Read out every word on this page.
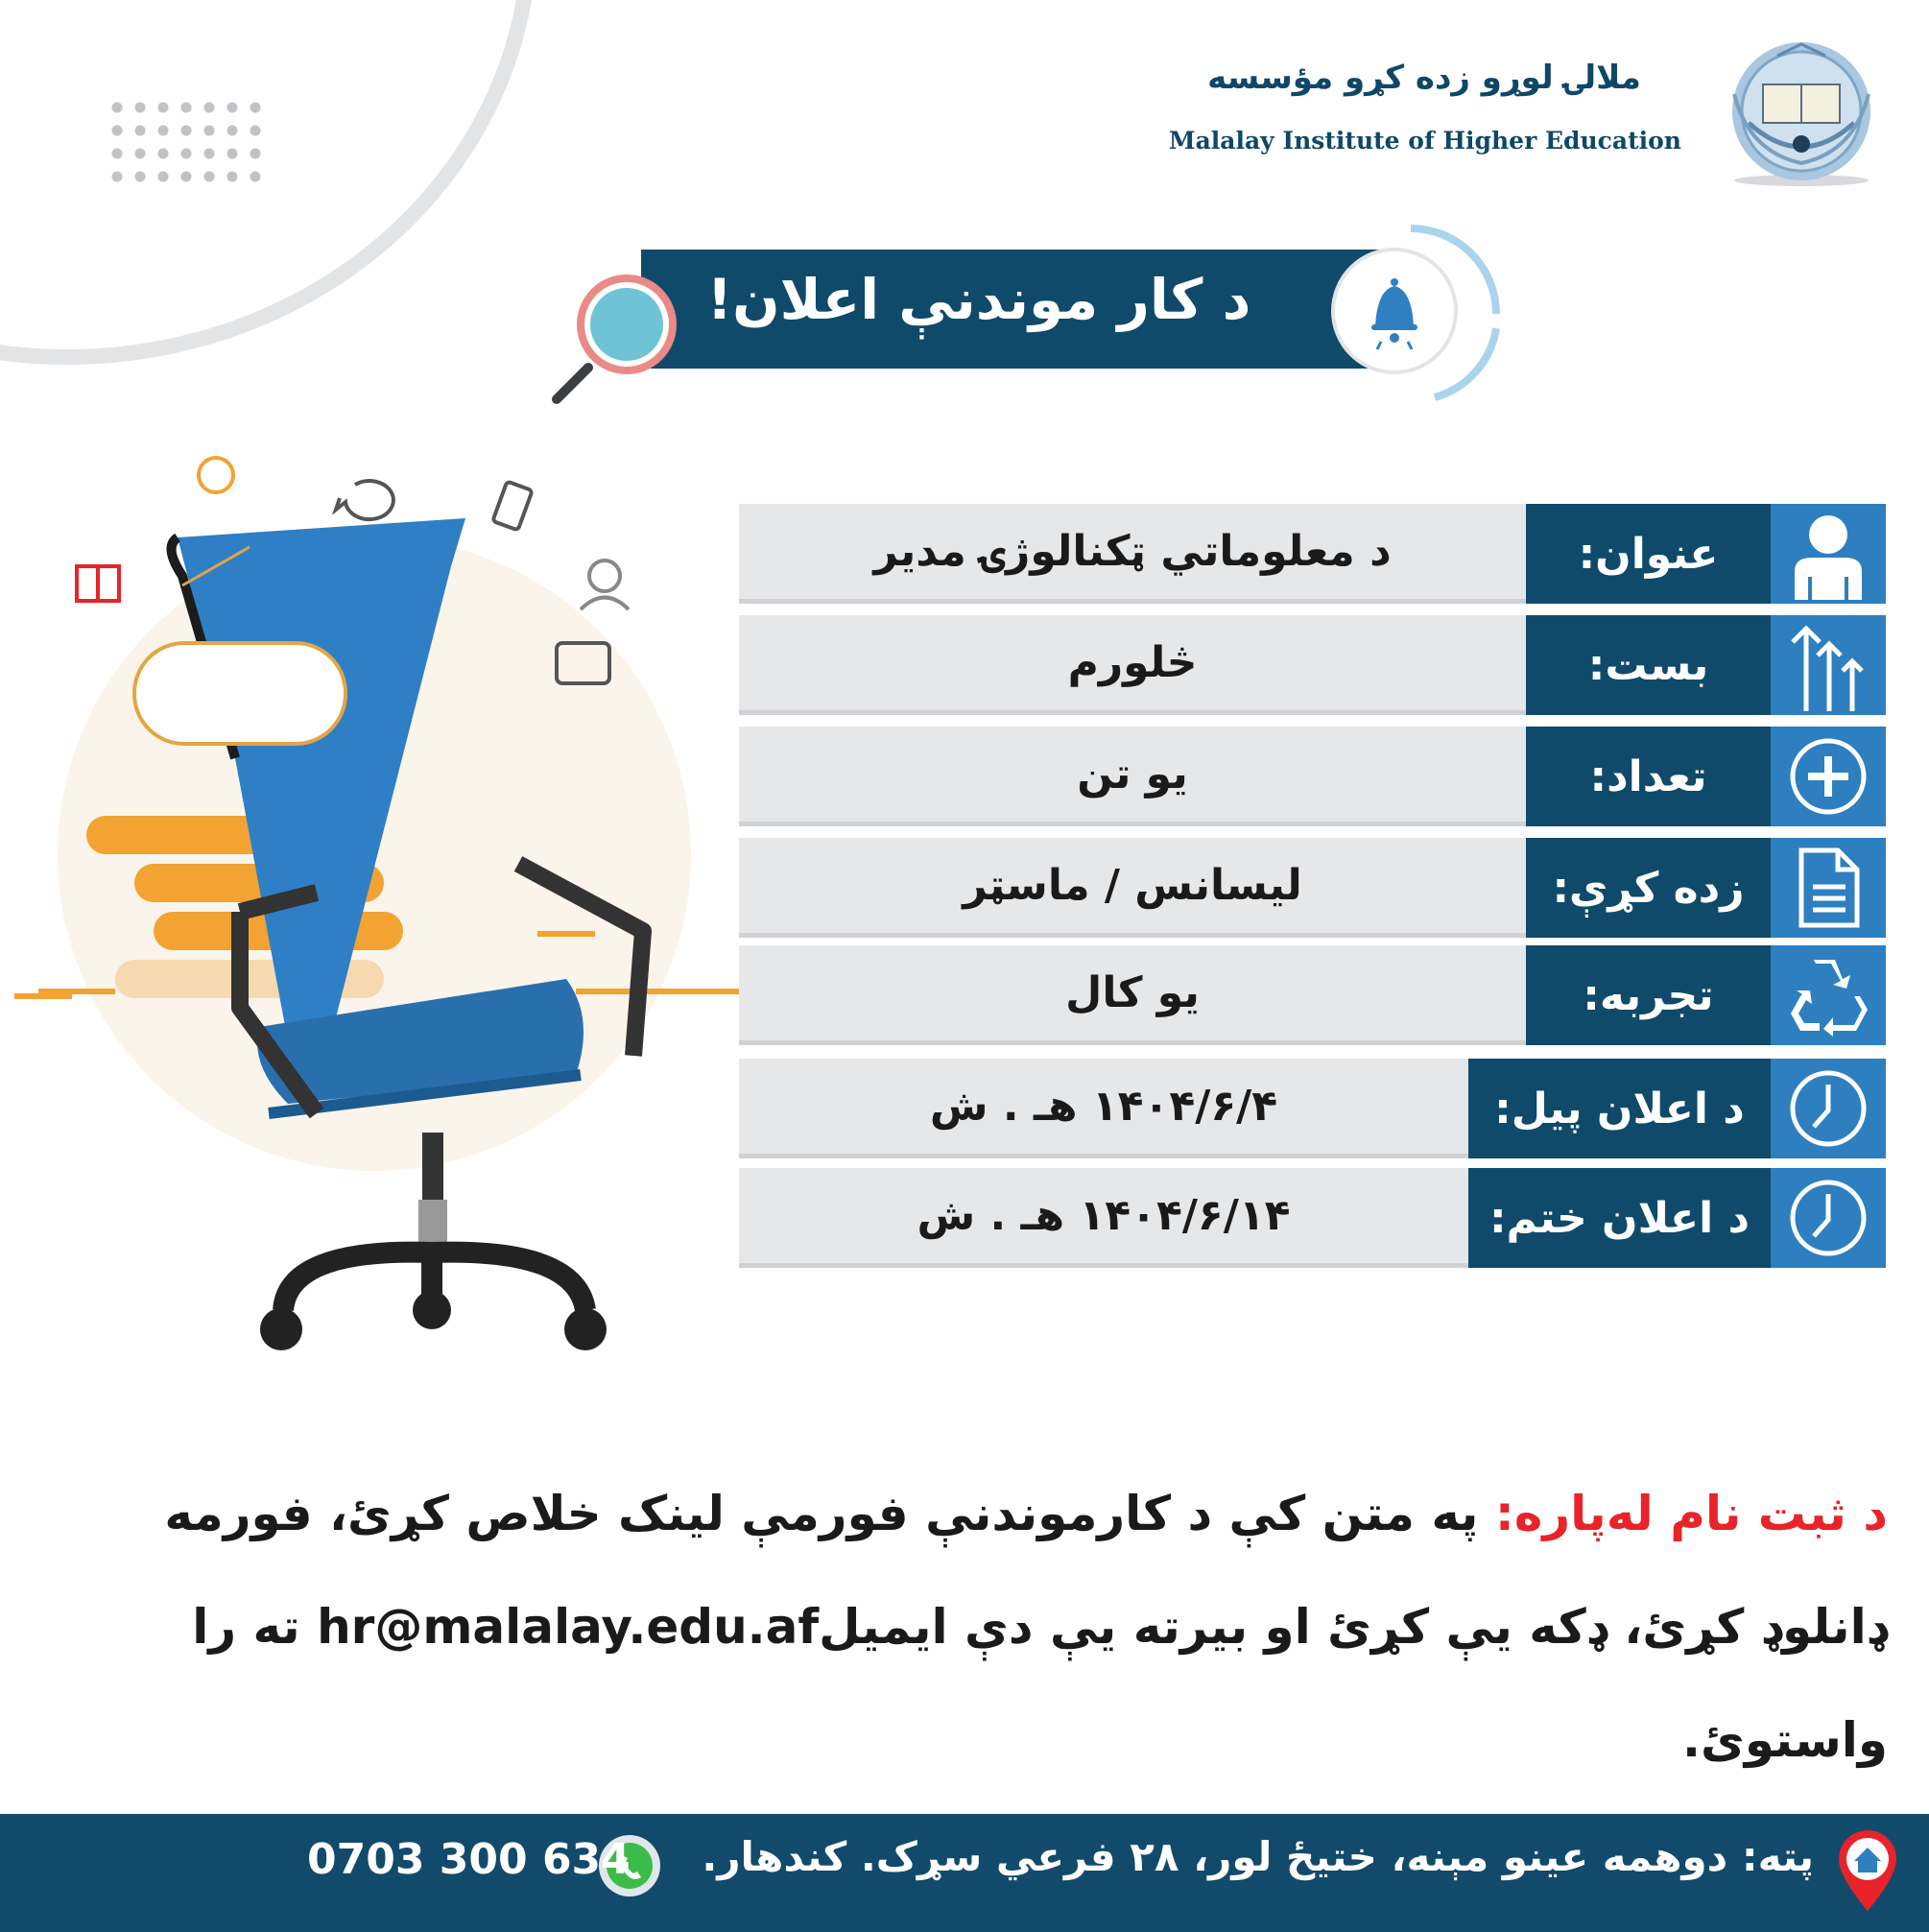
ملالۍ لوړو زده کړو مؤسسه
Malalay Institute of Higher Education
د کار موندنې اعلان!
د معلوماتي ټکنالوژۍ مدیر	عنوان:
څلورم	بست:
یو تن	تعداد:
لیسانس / ماسټر	زده کړې:
یو کال	تجربه:
۱۴۰۴/۶/۴ هـ . ش	د اعلان پیل:
۱۴۰۴/۶/۱۴ هـ . ش	د اعلان ختم:
د ثبت نام لەپارە: په متن کې د کارموندنې فورمې لینک خلاص کړئ، فورمه ډانلوډ کړئ، ډکه یې کړئ او بیرته یې دې ایمیلhr@malalay.edu.af ته را واستوئ.
پته: دوهمه عینو مېنه، ختیځ لور، ۲۸ فرعي سړک. کندهار.
0703 300 634
